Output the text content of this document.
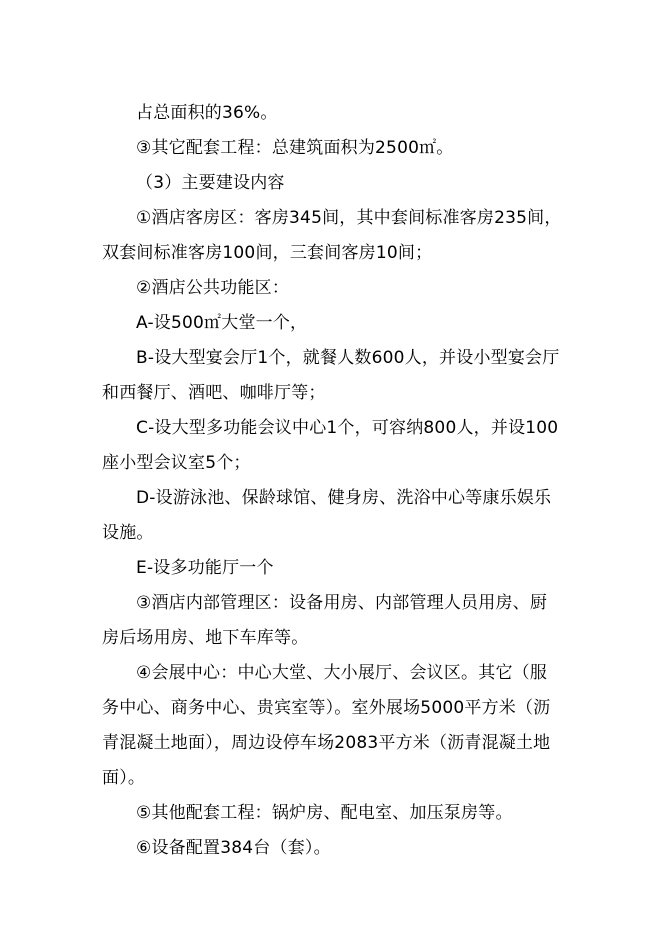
占总面积的36%。

③其它配套工程：总建筑面积为2500㎡。

（3）主要建设内容

①酒店客房区：客房345间，其中套间标准客房235间，双套间标准客房100间，三套间客房10间；

②酒店公共功能区：

A-设500㎡大堂一个，

B-设大型宴会厅1个，就餐人数600人，并设小型宴会厅和西餐厅、酒吧、咖啡厅等；

C-设大型多功能会议中心1个，可容纳800人，并设100座小型会议室5个；

D-设游泳池、保龄球馆、健身房、洗浴中心等康乐娱乐设施。

E-设多功能厅一个

③酒店内部管理区：设备用房、内部管理人员用房、厨房后场用房、地下车库等。

④会展中心：中心大堂、大小展厅、会议区。其它（服务中心、商务中心、贵宾室等）。室外展场5000平方米（沥青混凝土地面），周边设停车场2083平方米（沥青混凝土地面）。

⑤其他配套工程：锅炉房、配电室、加压泵房等。

⑥设备配置384台（套）。
